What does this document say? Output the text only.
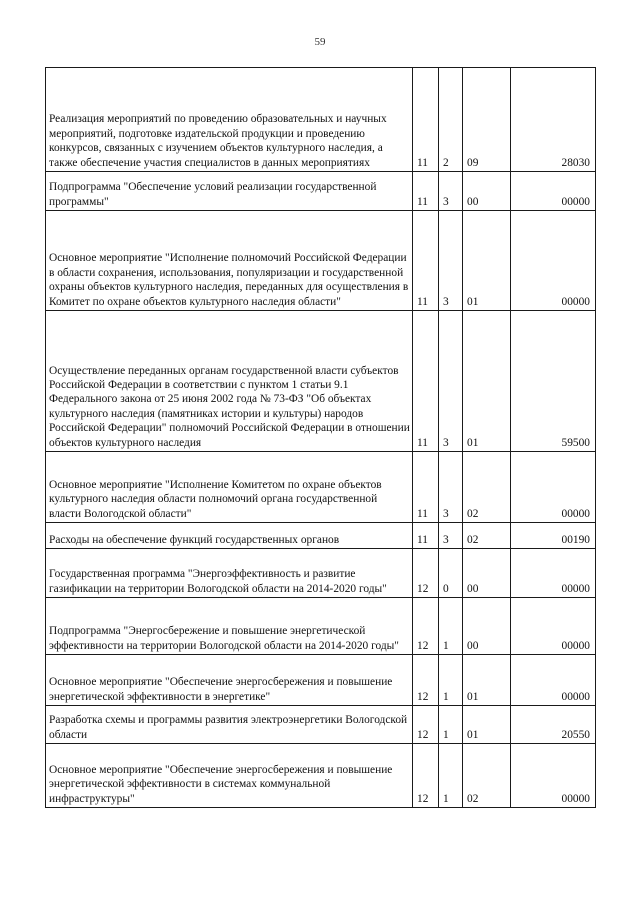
59
Реализация мероприятий по проведению образовательных и научных мероприятий, подготовке издательской продукции и проведению конкурсов, связанных с изучением объектов культурного наследия, а также обеспечение участия специалистов в данных мероприятиях	11	2	09	28030
Подпрограмма "Обеспечение условий реализации государственной программы"	11	3	00	00000
Основное мероприятие "Исполнение полномочий Российской Федерации в области сохранения, использования, популяризации и государственной охраны объектов культурного наследия, переданных для осуществления в Комитет по охране объектов культурного наследия области"	11	3	01	00000
Осуществление переданных органам государственной власти субъектов Российской Федерации в соответствии с пунктом 1 статьи 9.1 Федерального закона от 25 июня 2002 года № 73-ФЗ "Об объектах культурного наследия (памятниках истории и культуры) народов Российской Федерации" полномочий Российской Федерации в отношении объектов культурного наследия	11	3	01	59500
Основное мероприятие "Исполнение Комитетом по охране объектов культурного наследия области полномочий органа государственной власти Вологодской области"	11	3	02	00000
Расходы на обеспечение функций государственных органов	11	3	02	00190
Государственная программа "Энергоэффективность и развитие газификации на территории Вологодской области на 2014-2020 годы"	12	0	00	00000
Подпрограмма "Энергосбережение и повышение энергетической эффективности на территории Вологодской области на 2014-2020 годы"	12	1	00	00000
Основное мероприятие "Обеспечение энергосбережения и повышение энергетической эффективности в энергетике"	12	1	01	00000
Разработка схемы и программы развития электроэнергетики Вологодской области	12	1	01	20550
Основное мероприятие "Обеспечение энергосбережения и повышение энергетической эффективности в системах коммунальной инфраструктуры"	12	1	02	00000
